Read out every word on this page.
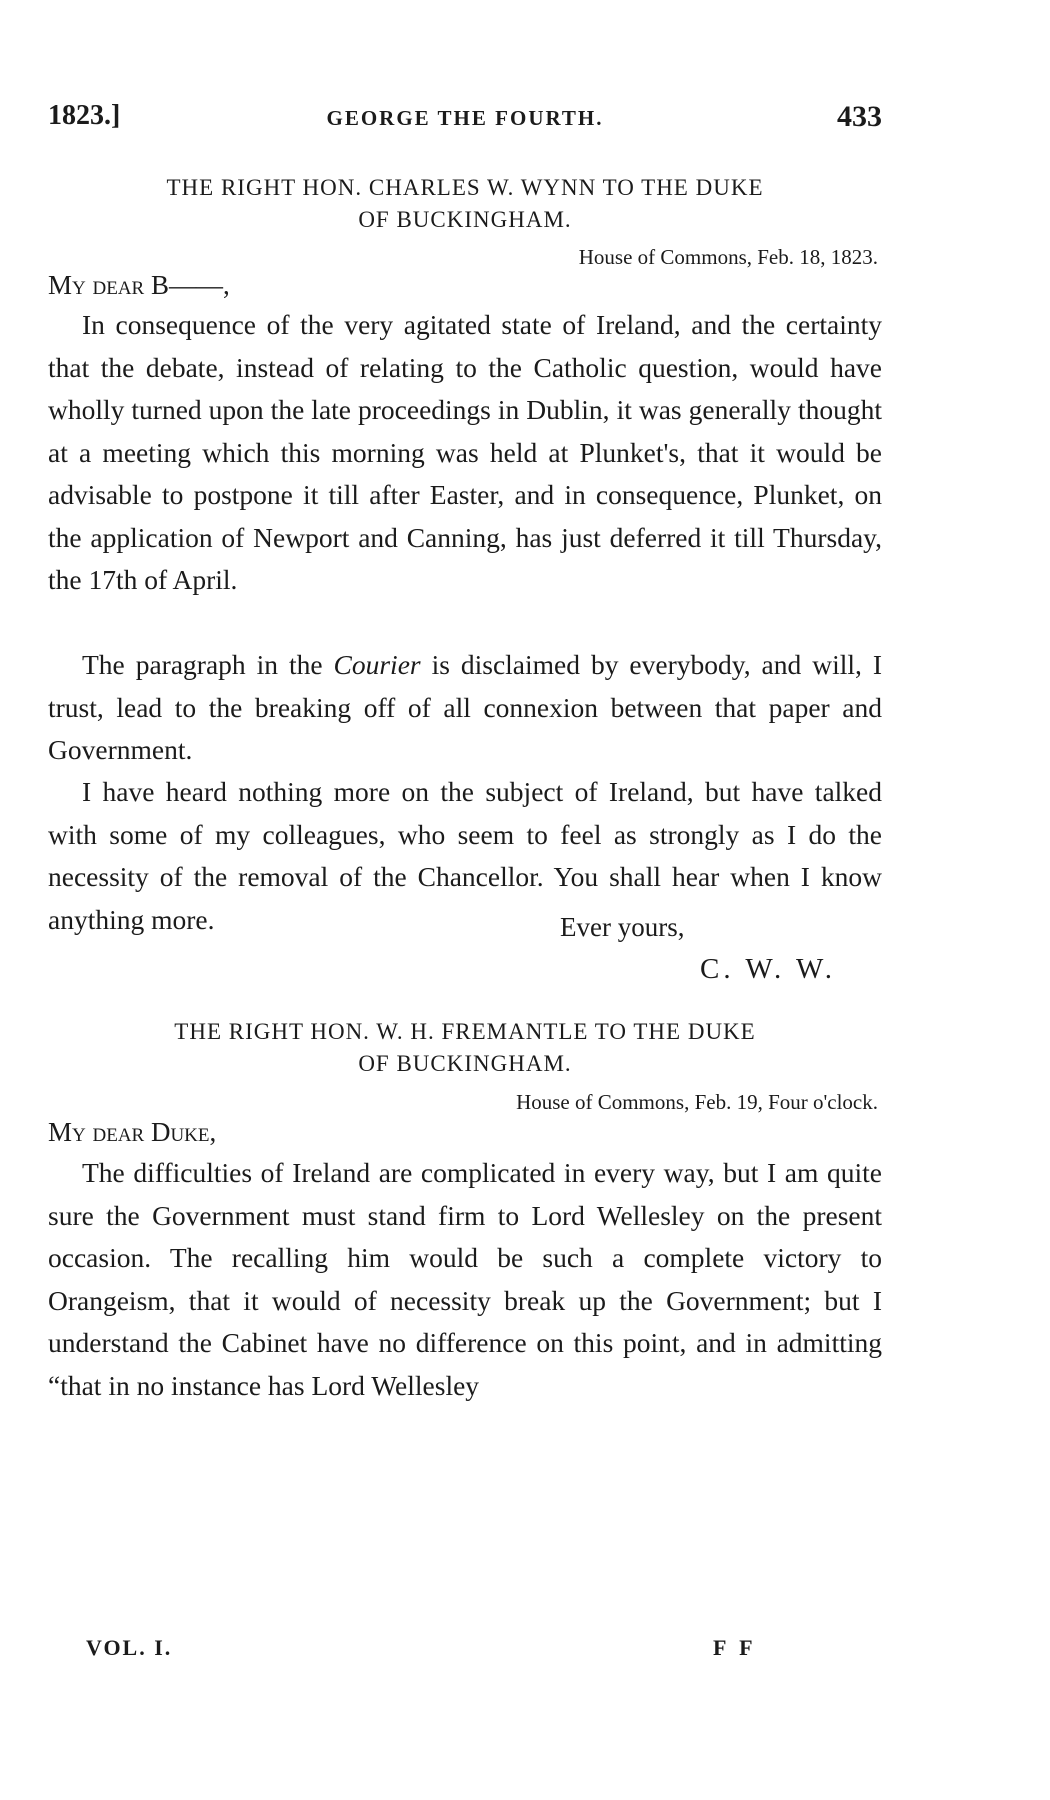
1823.]	GEORGE THE FOURTH.	433
THE RIGHT HON. CHARLES W. WYNN TO THE DUKE
OF BUCKINGHAM.
House of Commons, Feb. 18, 1823.
My dear B——,

In consequence of the very agitated state of Ireland, and the certainty that the debate, instead of relating to the Catholic question, would have wholly turned upon the late proceedings in Dublin, it was generally thought at a meeting which this morning was held at Plunket's, that it would be advisable to postpone it till after Easter, and in consequence, Plunket, on the application of Newport and Canning, has just deferred it till Thursday, the 17th of April.

The paragraph in the Courier is disclaimed by everybody, and will, I trust, lead to the breaking off of all connexion between that paper and Government.

I have heard nothing more on the subject of Ireland, but have talked with some of my colleagues, who seem to feel as strongly as I do the necessity of the removal of the Chancellor. You shall hear when I know anything more.	Ever yours,
C. W. W.
THE RIGHT HON. W. H. FREMANTLE TO THE DUKE
OF BUCKINGHAM.
House of Commons, Feb. 19, Four o'clock.
My dear Duke,

The difficulties of Ireland are complicated in every way, but I am quite sure the Government must stand firm to Lord Wellesley on the present occasion. The recalling him would be such a complete victory to Orangeism, that it would of necessity break up the Government; but I understand the Cabinet have no difference on this point, and in admitting “that in no instance has Lord Wellesley

VOL. I.	F F
